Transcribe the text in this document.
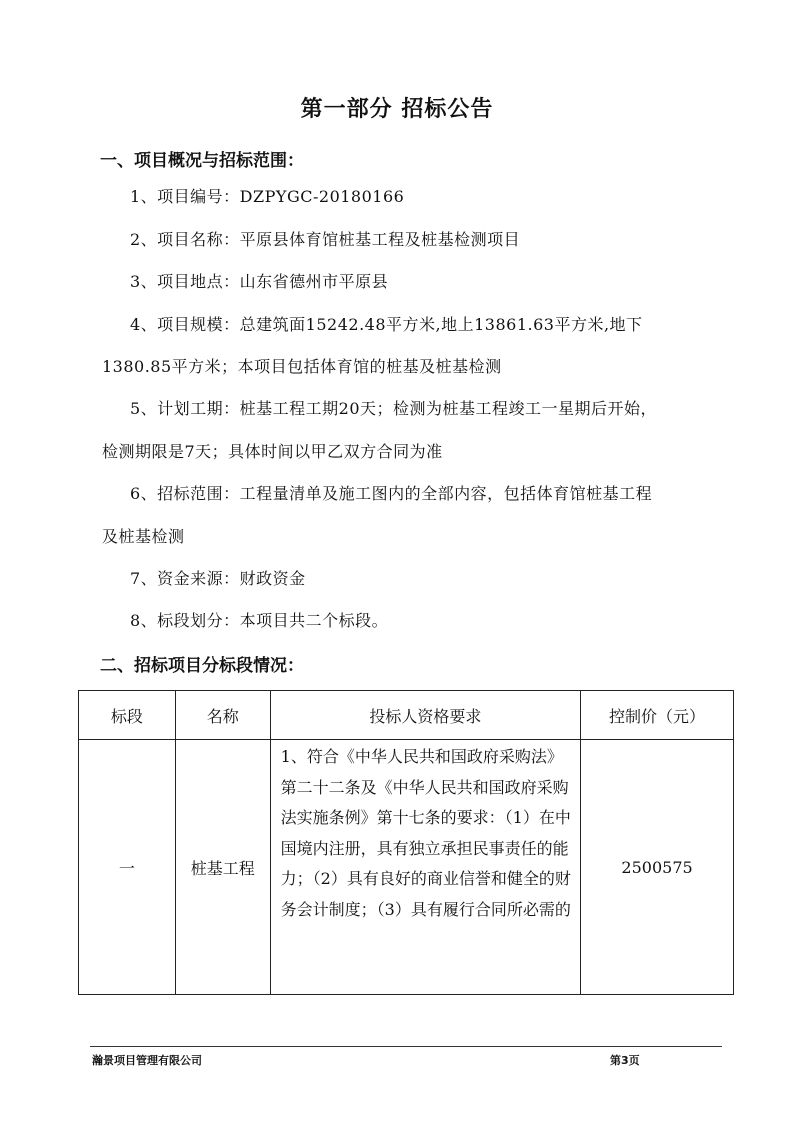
第一部分 招标公告
一、项目概况与招标范围：
1、项目编号：DZPYGC-20180166
2、项目名称：平原县体育馆桩基工程及桩基检测项目
3、项目地点：山东省德州市平原县
4、项目规模：总建筑面15242.48平方米,地上13861.63平方米,地下
1380.85平方米；本项目包括体育馆的桩基及桩基检测
5、计划工期：桩基工程工期20天；检测为桩基工程竣工一星期后开始，
检测期限是7天；具体时间以甲乙双方合同为准
6、招标范围：工程量清单及施工图内的全部内容，包括体育馆桩基工程
及桩基检测
7、资金来源：财政资金
8、标段划分：本项目共二个标段。
二、招标项目分标段情况：
标段	名称	投标人资格要求	控制价（元）
一	桩基工程	1、符合《中华人民共和国政府采购法》第二十二条及《中华人民共和国政府采购法实施条例》第十七条的要求：（1）在中国境内注册，具有独立承担民事责任的能力；（2）具有良好的商业信誉和健全的财务会计制度；（3）具有履行合同所必需的	2500575
瀚景项目管理有限公司	第3页
